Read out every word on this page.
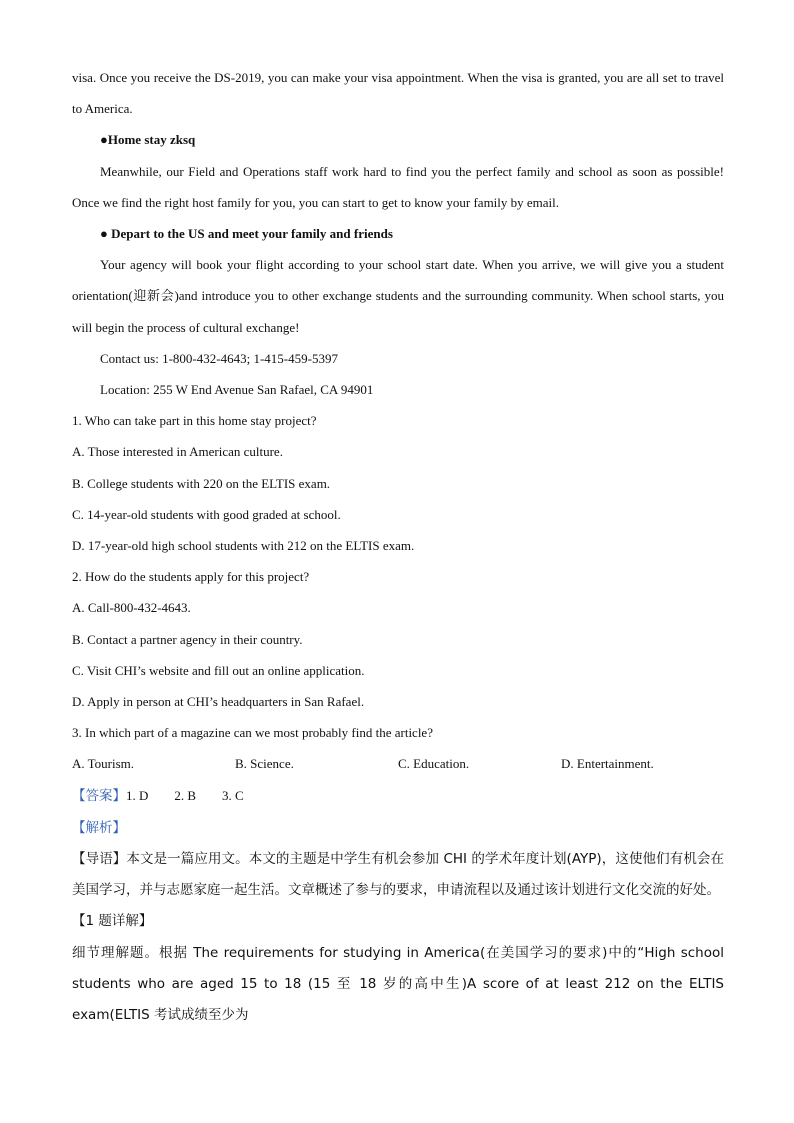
visa. Once you receive the DS-2019, you can make your visa appointment. When the visa is granted, you are all set to travel to America.

●Home stay zksq

Meanwhile, our Field and Operations staff work hard to find you the perfect family and school as soon as possible! Once we find the right host family for you, you can start to get to know your family by email.

● Depart to the US and meet your family and friends

Your agency will book your flight according to your school start date. When you arrive, we will give you a student orientation(迎新会)and introduce you to other exchange students and the surrounding community. When school starts, you will begin the process of cultural exchange!

Contact us: 1-800-432-4643; 1-415-459-5397

Location: 255 W End Avenue San Rafael, CA 94901

1. Who can take part in this home stay project?

A. Those interested in American culture.

B. College students with 220 on the ELTIS exam.

C. 14-year-old students with good graded at school.

D. 17-year-old high school students with 212 on the ELTIS exam.

2. How do the students apply for this project?

A. Call-800-432-4643.

B. Contact a partner agency in their country.

C. Visit CHI’s website and fill out an online application.

D. Apply in person at CHI’s headquarters in San Rafael.

3. In which part of a magazine can we most probably find the article?

A. Tourism.	B. Science.	C. Education.	D. Entertainment.

【答案】1. D        2. B        3. C

【解析】

【导语】本文是一篇应用文。本文的主题是中学生有机会参加 CHI 的学术年度计划(AYP)，这使他们有机会在美国学习，并与志愿家庭一起生活。文章概述了参与的要求，申请流程以及通过该计划进行文化交流的好处。

【1 题详解】

细节理解题。根据 The requirements for studying in America(在美国学习的要求)中的“High school students who are aged 15 to 18 (15 至 18 岁的高中生)A score of at least 212 on the ELTIS exam(ELTIS 考试成绩至少为
